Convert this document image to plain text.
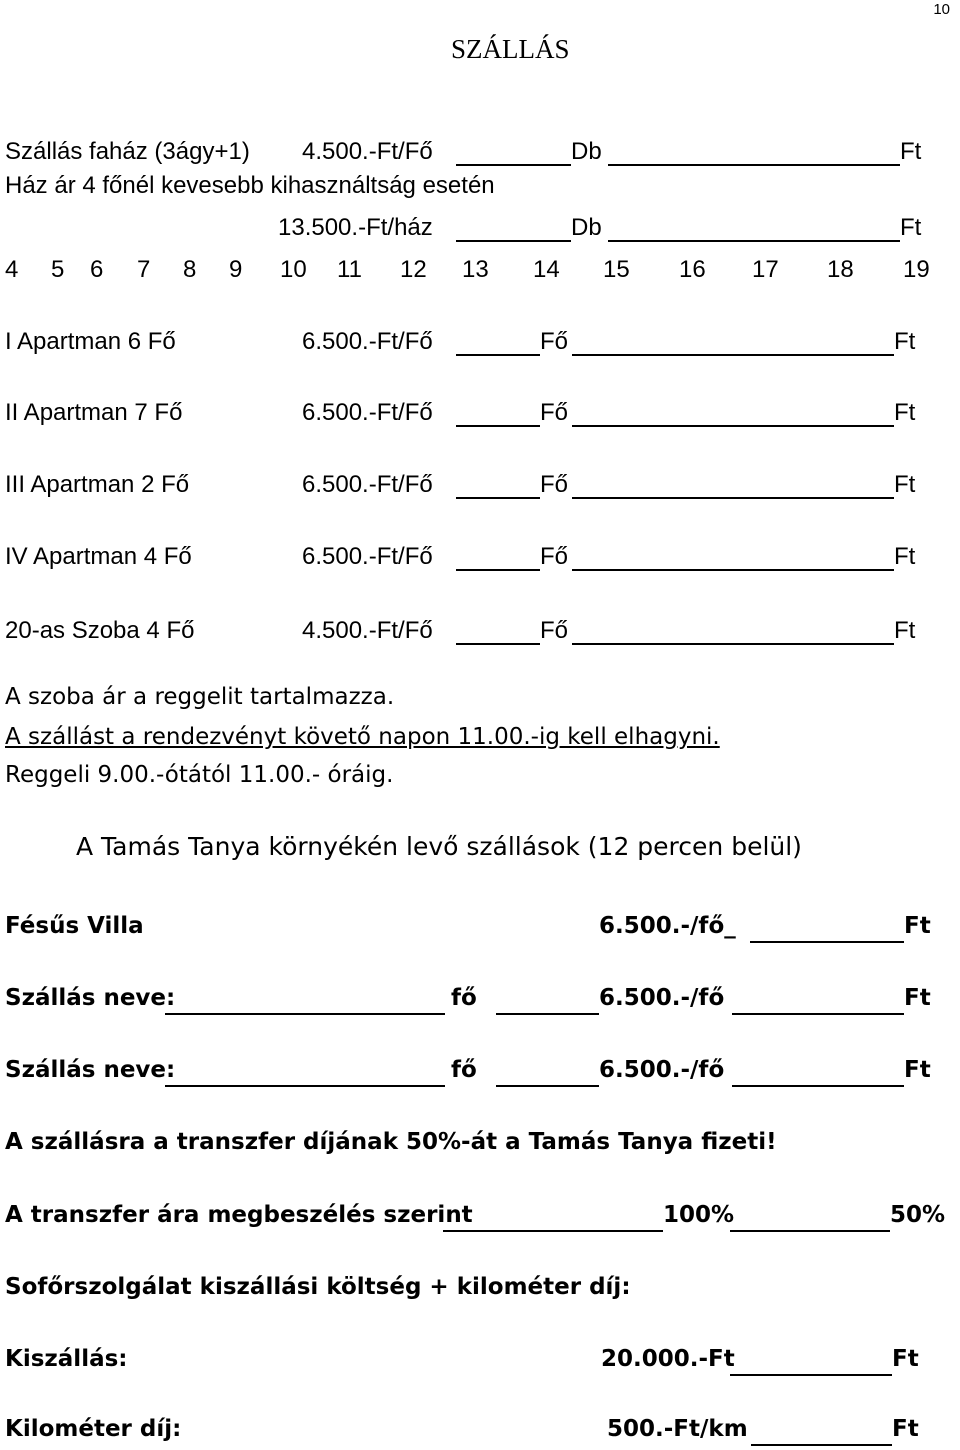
10
SZÁLLÁS
Szállás faház (3ágy+1) 4.500.-Ft/Fő	Db	Ft
Ház ár 4 főnél kevesebb kihasználtság esetén
13.500.-Ft/ház	Db	Ft
4 5 6 7 8 9 10 11 12 13 14 15 16 17 18 19
I Apartman 6 Fő	6.500.-Ft/Fő	Fő	Ft
II Apartman 7 Fő	6.500.-Ft/Fő	Fő	Ft
III Apartman 2 Fő	6.500.-Ft/Fő	Fő	Ft
IV Apartman 4 Fő	6.500.-Ft/Fő	Fő	Ft
20-as Szoba 4 Fő	4.500.-Ft/Fő	Fő	Ft
A szoba ár a reggelit tartalmazza.
A szállást a rendezvényt követő napon 11.00.-ig kell elhagyni.
Reggeli 9.00.-ótától 11.00.- óráig.
A Tamás Tanya környékén levő szállások (12 percen belül)
Fésűs Villa	6.500.-/fő_	Ft
Szállás neve:	fő	6.500.-/fő	Ft
Szállás neve:	fő	6.500.-/fő	Ft
A szállásra a transzfer díjának 50%-át a Tamás Tanya fizeti!
A transzfer ára megbeszélés szerint	100%	50%
Sofőrszolgálat kiszállási költség + kilométer díj:
Kiszállás:	20.000.-Ft	Ft
Kilométer díj:	500.-Ft/km	Ft
